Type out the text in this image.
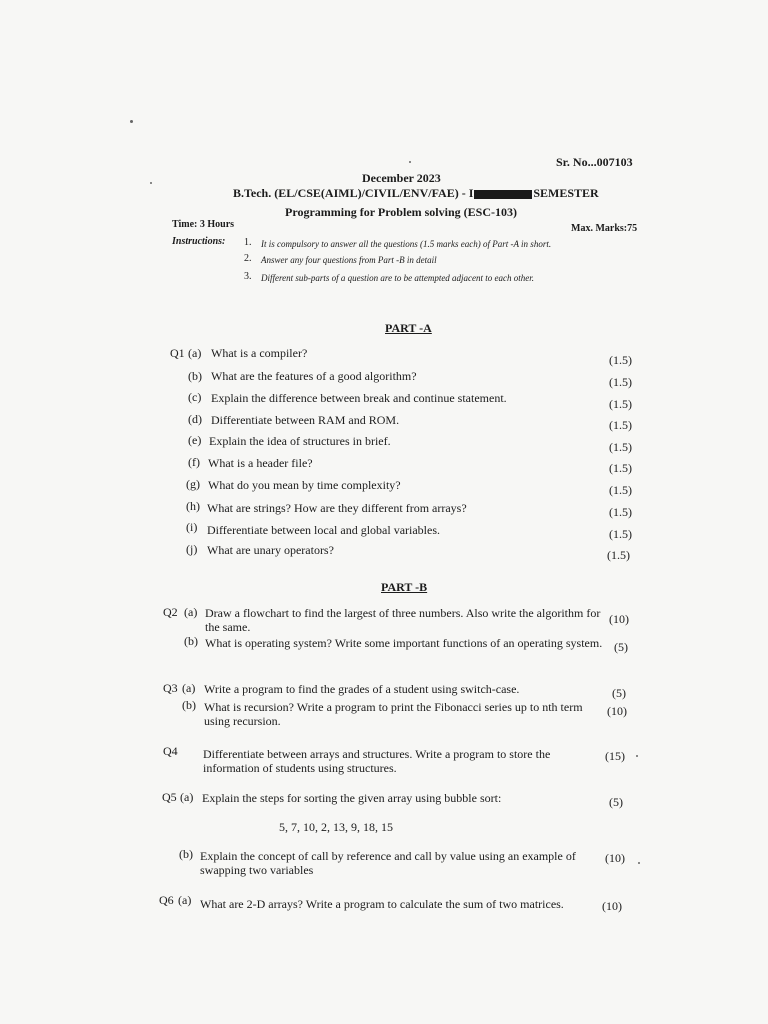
Sr. No...007103
December 2023
B.Tech. (EL/CSE(AIML)/CIVIL/ENV/FAE) - I	SEMESTER
Programming for Problem solving (ESC-103)
Time: 3 Hours	Max. Marks:75
Instructions: 1. It is compulsory to answer all the questions (1.5 marks each) of Part -A in short.
2. Answer any four questions from Part -B in detail
3. Different sub-parts of a question are to be attempted adjacent to each other.
PART -A
Q1 (a) What is a compiler?	(1.5)
(b) What are the features of a good algorithm?	(1.5)
(c) Explain the difference between break and continue statement.	(1.5)
(d) Differentiate between RAM and ROM.	(1.5)
(e) Explain the idea of structures in brief.	(1.5)
(f) What is a header file?	(1.5)
(g) What do you mean by time complexity?	(1.5)
(h) What are strings? How are they different from arrays?	(1.5)
(i) Differentiate between local and global variables.	(1.5)
(j) What are unary operators?	(1.5)
PART -B
Q2 (a) Draw a flowchart to find the largest of three numbers. Also write the algorithm for the same.
(10)
(b) What is operating system? Write some important functions of an operating system. (5)
Q3 (a) Write a program to find the grades of a student using switch-case.	(5)
(b) What is recursion? Write a program to print the Fibonacci series up to nth term using recursion.
(10)
Q4 Differentiate between arrays and structures. Write a program to store the information of students using structures.
(15)
Q5 (a) Explain the steps for sorting the given array using bubble sort:	(5)
5, 7, 10, 2, 13, 9, 18, 15
(b) Explain the concept of call by reference and call by value using an example of swapping two variables
(10)
Q6 (a) What are 2-D arrays? Write a program to calculate the sum of two matrices.	(10)
